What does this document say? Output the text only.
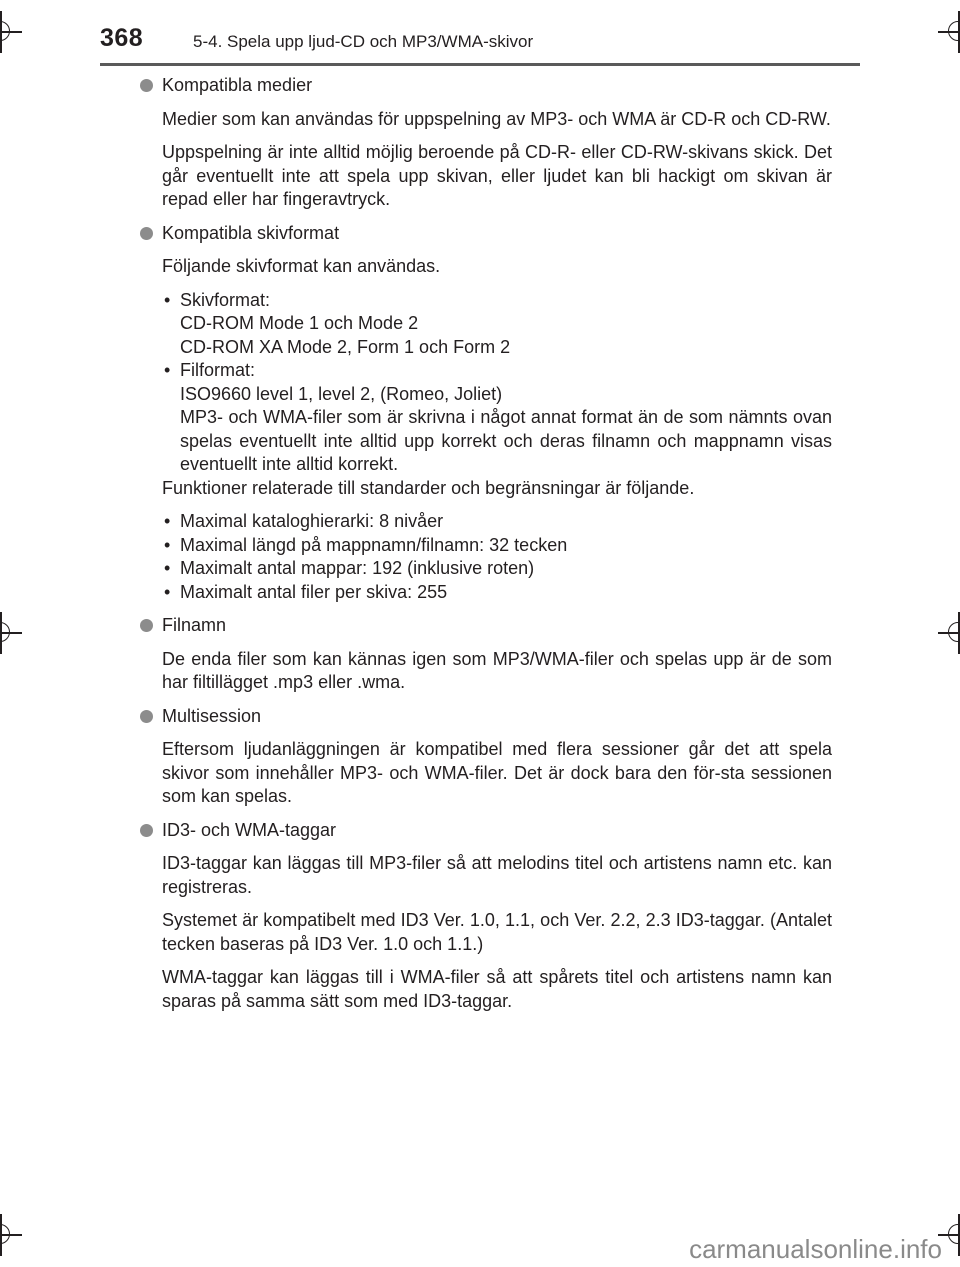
368	5-4. Spela upp ljud-CD och MP3/WMA-skivor
Kompatibla medier
Medier som kan användas för uppspelning av MP3- och WMA är CD-R och CD-RW.
Uppspelning är inte alltid möjlig beroende på CD-R- eller CD-RW-skivans skick. Det går eventuellt inte att spela upp skivan, eller ljudet kan bli hackigt om skivan är repad eller har fingeravtryck.
Kompatibla skivformat
Följande skivformat kan användas.
• Skivformat:
CD-ROM Mode 1 och Mode 2
CD-ROM XA Mode 2, Form 1 och Form 2
• Filformat:
ISO9660 level 1, level 2, (Romeo, Joliet)
MP3- och WMA-filer som är skrivna i något annat format än de som nämnts ovan spelas eventuellt inte alltid upp korrekt och deras filnamn och mappnamn visas eventuellt inte alltid korrekt.
Funktioner relaterade till standarder och begränsningar är följande.
• Maximal kataloghierarki: 8 nivåer
• Maximal längd på mappnamn/filnamn: 32 tecken
• Maximalt antal mappar: 192 (inklusive roten)
• Maximalt antal filer per skiva: 255
Filnamn
De enda filer som kan kännas igen som MP3/WMA-filer och spelas upp är de som har filtillägget .mp3 eller .wma.
Multisession
Eftersom ljudanläggningen är kompatibel med flera sessioner går det att spela skivor som innehåller MP3- och WMA-filer. Det är dock bara den för-sta sessionen som kan spelas.
ID3- och WMA-taggar
ID3-taggar kan läggas till MP3-filer så att melodins titel och artistens namn etc. kan registreras.
Systemet är kompatibelt med ID3 Ver. 1.0, 1.1, och Ver. 2.2, 2.3 ID3-taggar. (Antalet tecken baseras på ID3 Ver. 1.0 och 1.1.)
WMA-taggar kan läggas till i WMA-filer så att spårets titel och artistens namn kan sparas på samma sätt som med ID3-taggar.
carmanualsonline.info
